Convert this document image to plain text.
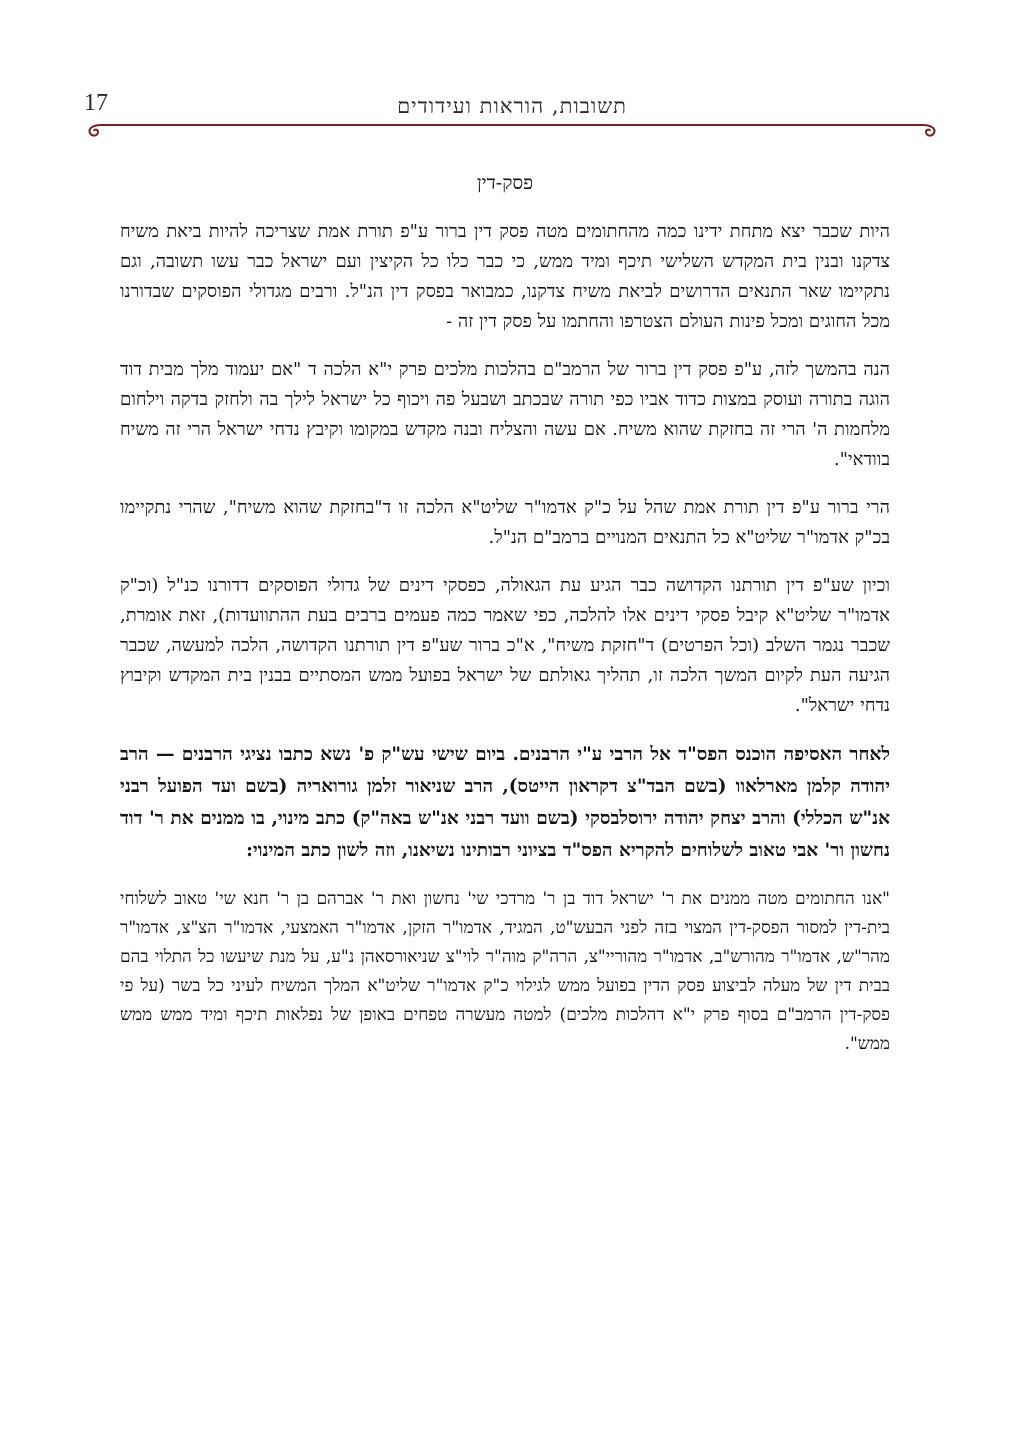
17	תשובות, הוראות ועידודים
פסק-דין

היות שכבר יצא מתחת ידינו כמה מהחתומים מטה פסק דין ברור ע"פ תורת אמת שצריכה להיות ביאת משיח צדקנו ובנין בית המקדש השלישי תיכף ומיד ממש, כי כבר כלו כל הקיצין ועם ישראל כבר עשו תשובה, וגם נתקיימו שאר התנאים הדרושים לביאת משיח צדקנו, כמבואר בפסק דין הנ"ל. ורבים מגדולי הפוסקים שבדורנו מכל החוגים ומכל פינות העולם הצטרפו והחתמו על פסק דין זה -

הנה בהמשך לזה, ע"פ פסק דין ברור של הרמב"ם בהלכות מלכים פרק י"א הלכה ד "אם יעמוד מלך מבית דוד הוגה בתורה ועוסק במצות כדוד אביו כפי תורה שבכתב ושבעל פה ויכוף כל ישראל לילך בה ולחזק בדקה וילחום מלחמות ה' הרי זה בחזקת שהוא משיח. אם עשה והצליח ובנה מקדש במקומו וקיבץ נדחי ישראל הרי זה משיח בוודאי".

הרי ברור ע"פ דין תורת אמת שהל על כ"ק אדמו"ר שליט"א הלכה זו ד"בחזקת שהוא משיח", שהרי נתקיימו בכ"ק אדמו"ר שליט"א כל התנאים המנויים ברמב"ם הנ"ל.

וכיון שע"פ דין תורתנו הקדושה כבר הגיע עת הגאולה, כפסקי דינים של גדולי הפוסקים דדורנו כנ"ל (וכ"ק אדמו"ר שליט"א קיבל פסקי דינים אלו להלכה, כפי שאמר כמה פעמים ברבים בעת ההתוועדות), זאת אומרת, שכבר נגמר השלב (וכל הפרטים) ד"חזקת משיח", א"כ ברור שע"פ דין תורתנו הקדושה, הלכה למעשה, שכבר הגיעה העת לקיום המשך הלכה זו, תהליך גאולתם של ישראל בפועל ממש המסתיים בבנין בית המקדש וקיבוץ נדחי ישראל".

לאחר האסיפה הוכנס הפס"ד אל הרבי ע"י הרבנים. ביום שישי עש"ק פ' נשא כתבו נציגי הרבנים — הרב יהודה קלמן מארלאוו (בשם הבד"צ דקראון הייטס), הרב שניאור זלמן גורואריה (בשם ועד הפועל רבני אנ"ש הכללי) והרב יצחק יהודה ירוסלבסקי (בשם וועד רבני אנ"ש באה"ק) כתב מינוי, בו ממנים את ר' דוד נחשון ור' אבי טאוב לשלוחים להקריא הפס"ד בציוני רבותינו נשיאנו, וזה לשון כתב המינוי:

"אנו החתומים מטה ממנים את ר' ישראל דוד בן ר' מרדכי שי' נחשון ואת ר' אברהם בן ר' חנא שי' טאוב לשלוחי בית-דין למסור הפסק-דין המצוי בזה לפני הבעש"ט, המגיד, אדמו"ר הזקן, אדמו"ר האמצעי, אדמו"ר הצ"צ, אדמו"ר מהר"ש, אדמו"ר מהורש"ב, אדמו"ר מהוריי"צ, הרה"ק מוה"ר לוי"צ שניאורסאהן נ"ע, על מנת שיעשו כל התלוי בהם בבית דין של מעלה לביצוע פסק הדין בפועל ממש לגילוי כ"ק אדמו"ר שליט"א המלך המשיח לעיני כל בשר (על פי פסק-דין הרמב"ם בסוף פרק י"א דהלכות מלכים) למטה מעשרה טפחים באופן של נפלאות תיכף ומיד ממש ממש ממש".
